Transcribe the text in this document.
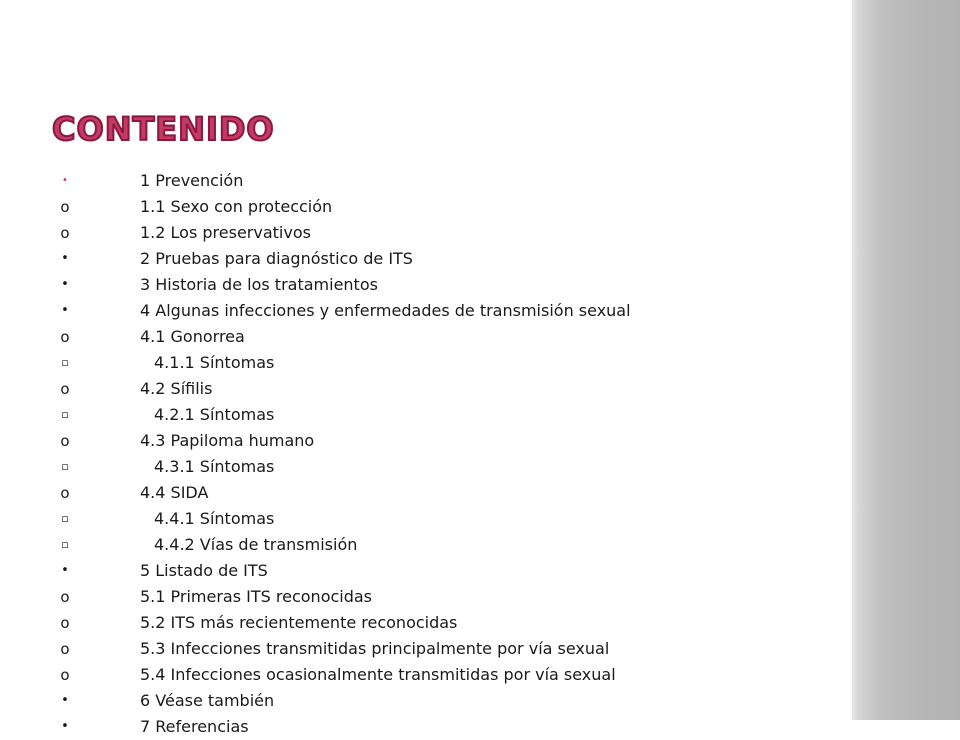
contenido
•	1 Prevención
o	1.1 Sexo con protección
o	1.2 Los preservativos
•	2 Pruebas para diagnóstico de ITS
•	3 Historia de los tratamientos
•	4 Algunas infecciones y enfermedades de transmisión sexual
o	4.1 Gonorrea
▫	4.1.1 Síntomas
o	4.2 Sífilis
▫	4.2.1 Síntomas
o	4.3 Papiloma humano
▫	4.3.1 Síntomas
o	4.4 SIDA
▫	4.4.1 Síntomas
▫	4.4.2 Vías de transmisión
•	5 Listado de ITS
o	5.1 Primeras ITS reconocidas
o	5.2 ITS más recientemente reconocidas
o	5.3 Infecciones transmitidas principalmente por vía sexual
o	5.4 Infecciones ocasionalmente transmitidas por vía sexual
•	6 Véase también
•	7 Referencias
